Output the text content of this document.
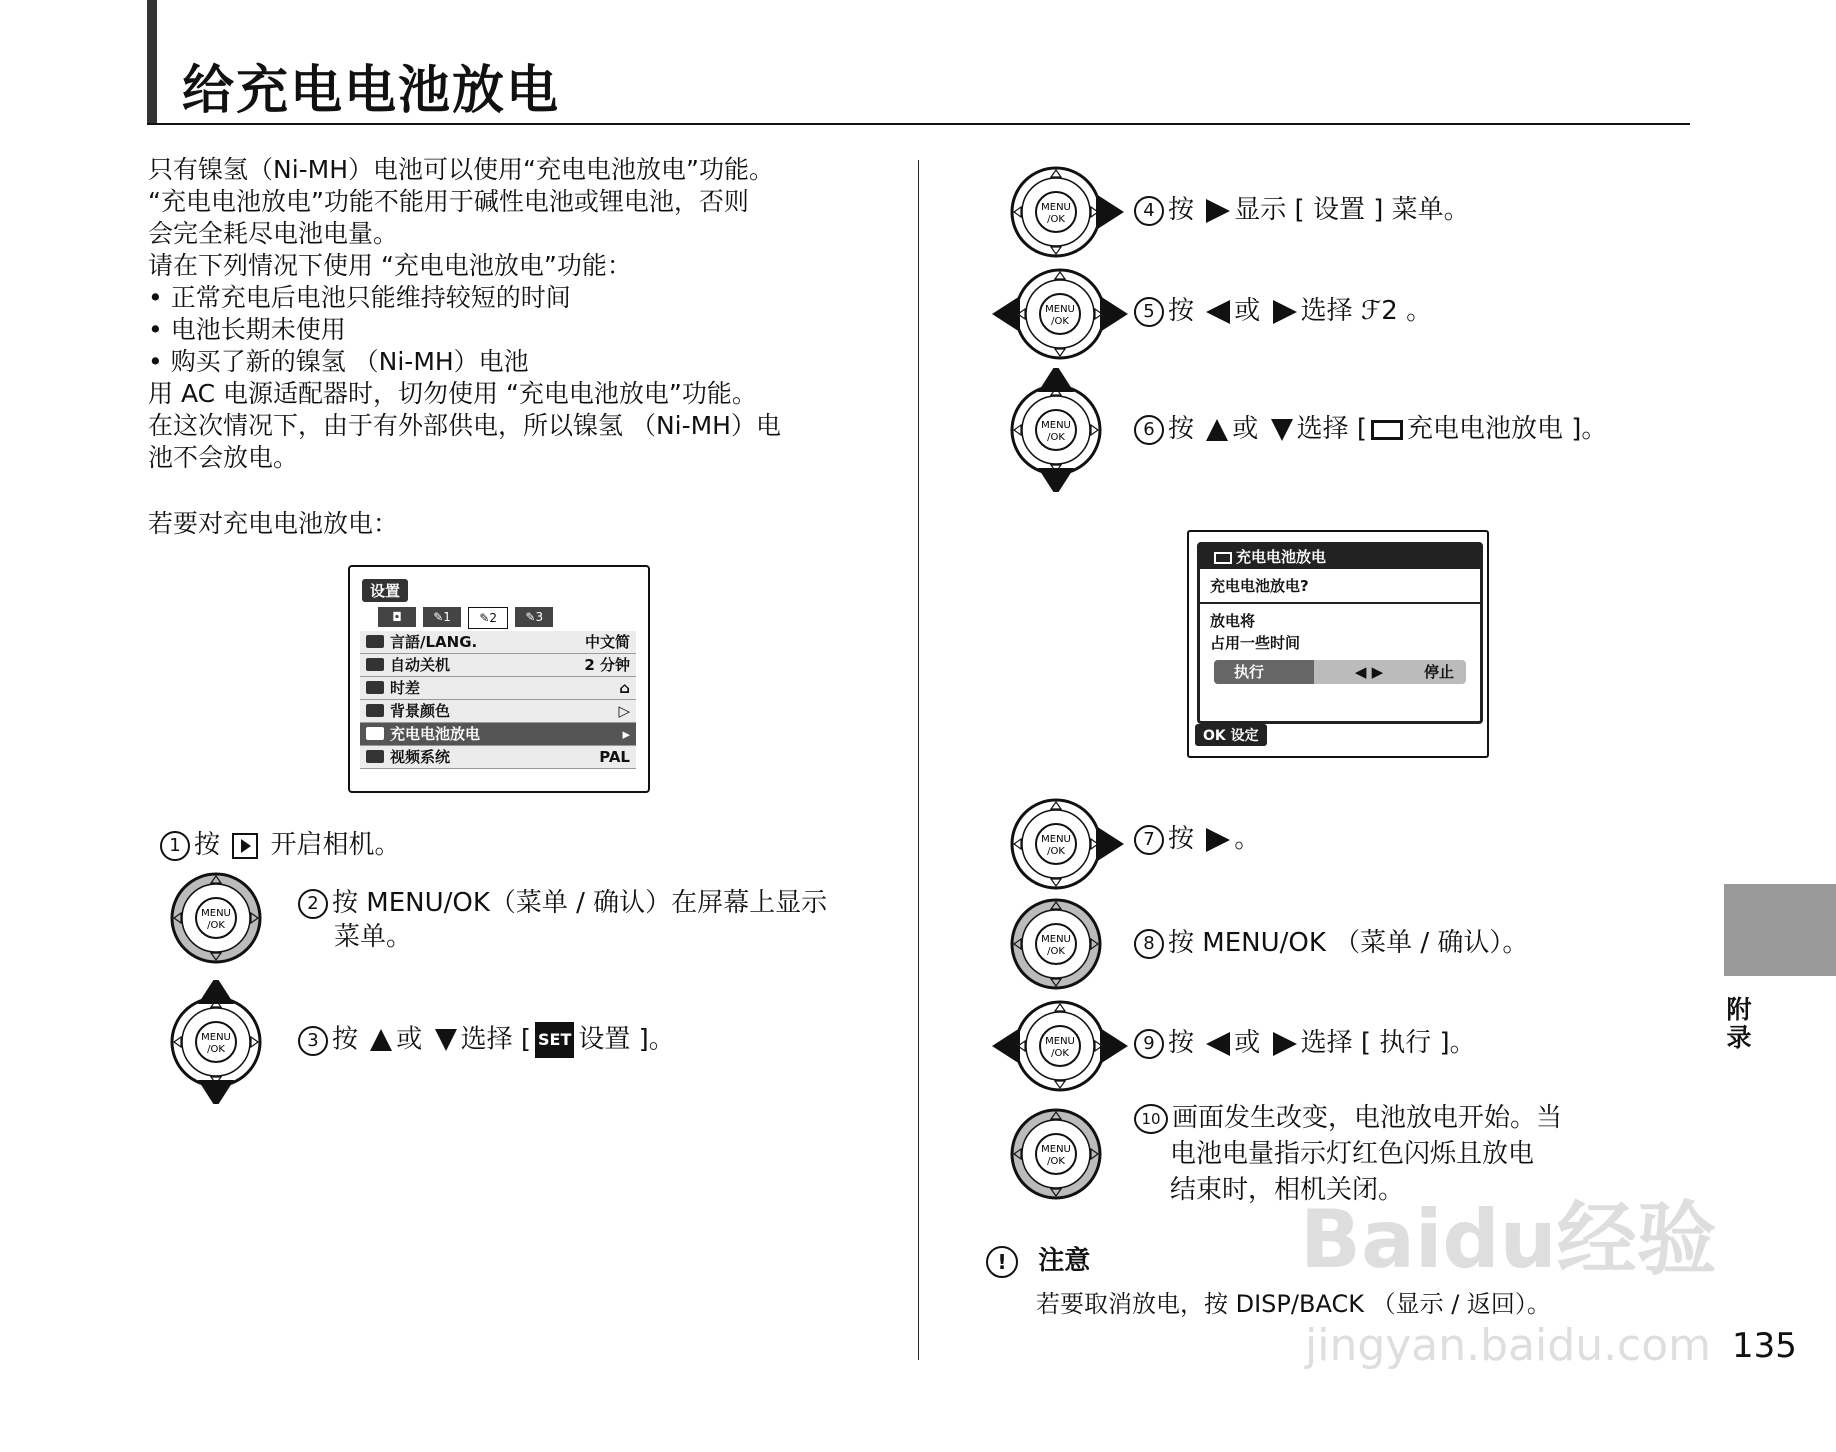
给充电电池放电

只有镍氢（Ni-MH）电池可以使用“充电电池放电”功能。

“充电电池放电”功能不能用于碱性电池或锂电池，否则

会完全耗尽电池电量。

请在下列情况下使用 “充电电池放电”功能：

• 正常充电后电池只能维持较短的时间

• 电池长期未使用

• 购买了新的镍氢 （Ni-MH）电池

用 AC 电源适配器时，切勿使用 “充电电池放电”功能。

在这次情况下，由于有外部供电，所以镍氢 （Ni-MH）电

池不会放电。

若要对充电电池放电：
设置
◘	✎1 ✎2 ✎3
言語/LANG.	中文简
自动关机	2 分钟
时差	⌂
背景颜色	▷
充电电池放电	▸
视频系统	PAL
1 按 开启相机。
MENU
/OK
2 按 MENU/OK（菜单 / 确认）在屏幕上显示
菜单。
MENU
/OK	3 按 或 选择 [ SET 设置 ]。
MENU
/OK	4 按 显示 [ 设置 ] 菜单。
MENU
/OK	5 按 或 选择 ℱ2 。
MENU
/OK	6 按 或 选择 [ 充电电池放电 ]。
充电电池放电
充电电池放电?
放电将
占用一些时间
执行	◀ ▶	停止
OK 设定
MENU
/OK
7 按 。
MENU
/OK	8 按 MENU/OK （菜单 / 确认）。
MENU
/OK	9 按 或 选择 [ 执行 ]。
MENU
/OK
10 画面发生改变，电池放电开始。当
电池电量指示灯红色闪烁且放电
结束时，相机关闭。
! 注意
若要取消放电，按 DISP/BACK （显示 / 返回）。
附
录
135
Baidu经验
jingyan.baidu.com
